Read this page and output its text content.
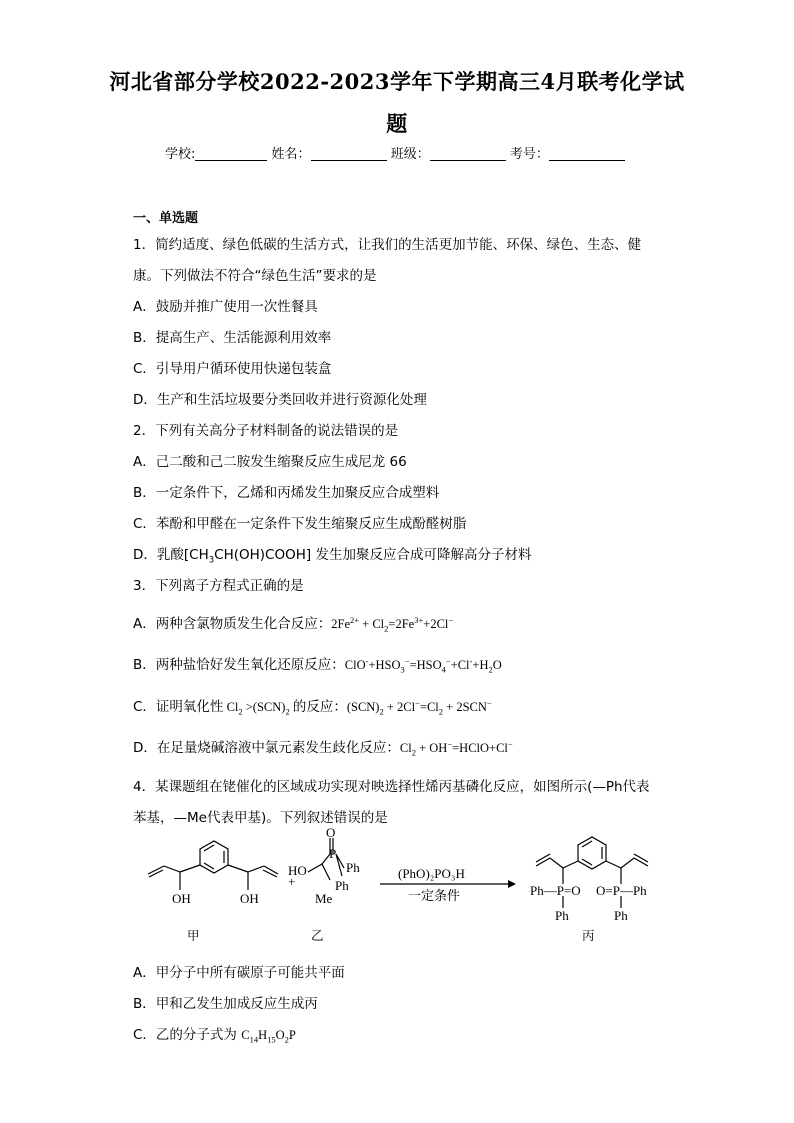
河北省部分学校2022-2023学年下学期高三4月联考化学试
题
学校:	姓名：	班级：	考号：
一、单选题
1．简约适度、绿色低碳的生活方式，让我们的生活更加节能、环保、绿色、生态、健
康。下列做法不符合“绿色生活”要求的是
A．鼓励并推广使用一次性餐具
B．提高生产、生活能源利用效率
C．引导用户循环使用快递包装盒
D．生产和生活垃圾要分类回收并进行资源化处理
2．下列有关高分子材料制备的说法错误的是
A．己二酸和己二胺发生缩聚反应生成尼龙 66
B．一定条件下，乙烯和丙烯发生加聚反应合成塑料
C．苯酚和甲醛在一定条件下发生缩聚反应生成酚醛树脂
D．乳酸$[CH_3CH(OH)COOH]$ 发生加聚反应合成可降解高分子材料
3．下列离子方程式正确的是
A．两种含氯物质发生化合反应：$2Fe^{2+} + Cl_2=2Fe^{3+}+2Cl^-$
B．两种盐恰好发生氧化还原反应：$ClO^-+HSO_3^-=HSO_4^-+Cl^-+H_2O$
C．证明氧化性 $Cl_2 >(SCN)_2$ 的反应：$(SCN)_2 + 2Cl^-=Cl_2 + 2SCN^-$
D．在足量烧碱溶液中氯元素发生歧化反应：$Cl_2$ + OH−=HClO+Cl−
4．某课题组在铑催化的区域成功实现对映选择性烯丙基磷化反应，如图所示(—Ph代表
苯基，—Me代表甲基)。下列叙述错误的是
OH	OH
+
HO
O
P
Ph
Ph
Me
(PhO)₂PO₃H
一定条件	Ph—P=O O=P—Ph
Ph	Ph
甲	乙	丙
A．甲分子中所有碳原子可能共平面
B．甲和乙发生加成反应生成丙
C．乙的分子式为 $C_{14}H_{15}O_2P$
